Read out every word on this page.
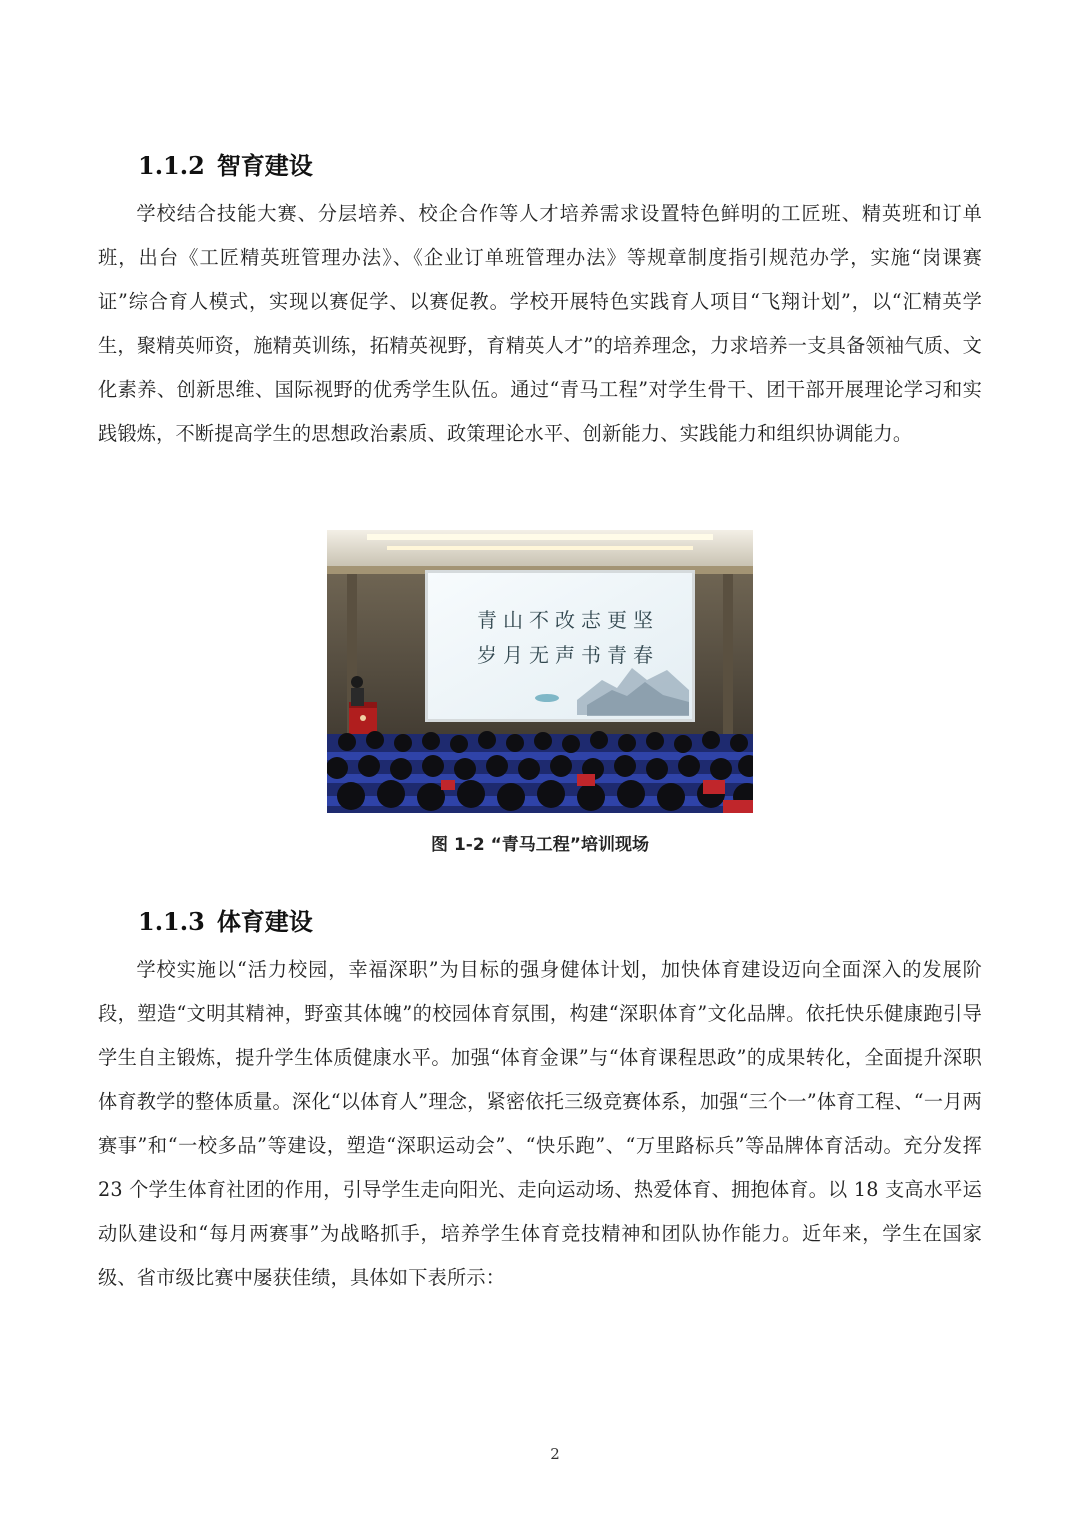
1.1.2 智育建设

学校结合技能大赛、分层培养、校企合作等人才培养需求设置特色鲜明的工匠班、精英班和订单班，出台《工匠精英班管理办法》、《企业订单班管理办法》等规章制度指引规范办学，实施“岗课赛证”综合育人模式，实现以赛促学、以赛促教。学校开展特色实践育人项目“飞翔计划”，以“汇精英学生，聚精英师资，施精英训练，拓精英视野，育精英人才”的培养理念，力求培养一支具备领袖气质、文化素养、创新思维、国际视野的优秀学生队伍。通过“青马工程”对学生骨干、团干部开展理论学习和实践锻炼，不断提高学生的思想政治素质、政策理论水平、创新能力、实践能力和组织协调能力。

青山不改志更坚
岁月无声书青春
图 1-2 “青马工程”培训现场
1.1.3 体育建设

学校实施以“活力校园，幸福深职”为目标的强身健体计划，加快体育建设迈向全面深入的发展阶段，塑造“文明其精神，野蛮其体魄”的校园体育氛围，构建“深职体育”文化品牌。依托快乐健康跑引导学生自主锻炼，提升学生体质健康水平。加强“体育金课”与“体育课程思政”的成果转化，全面提升深职体育教学的整体质量。深化“以体育人”理念，紧密依托三级竞赛体系，加强“三个一”体育工程、“一月两赛事”和“一校多品”等建设，塑造“深职运动会”、“快乐跑”、“万里路标兵”等品牌体育活动。充分发挥 23 个学生体育社团的作用，引导学生走向阳光、走向运动场、热爱体育、拥抱体育。以 18 支高水平运动队建设和“每月两赛事”为战略抓手，培养学生体育竞技精神和团队协作能力。近年来，学生在国家级、省市级比赛中屡获佳绩，具体如下表所示：

2
